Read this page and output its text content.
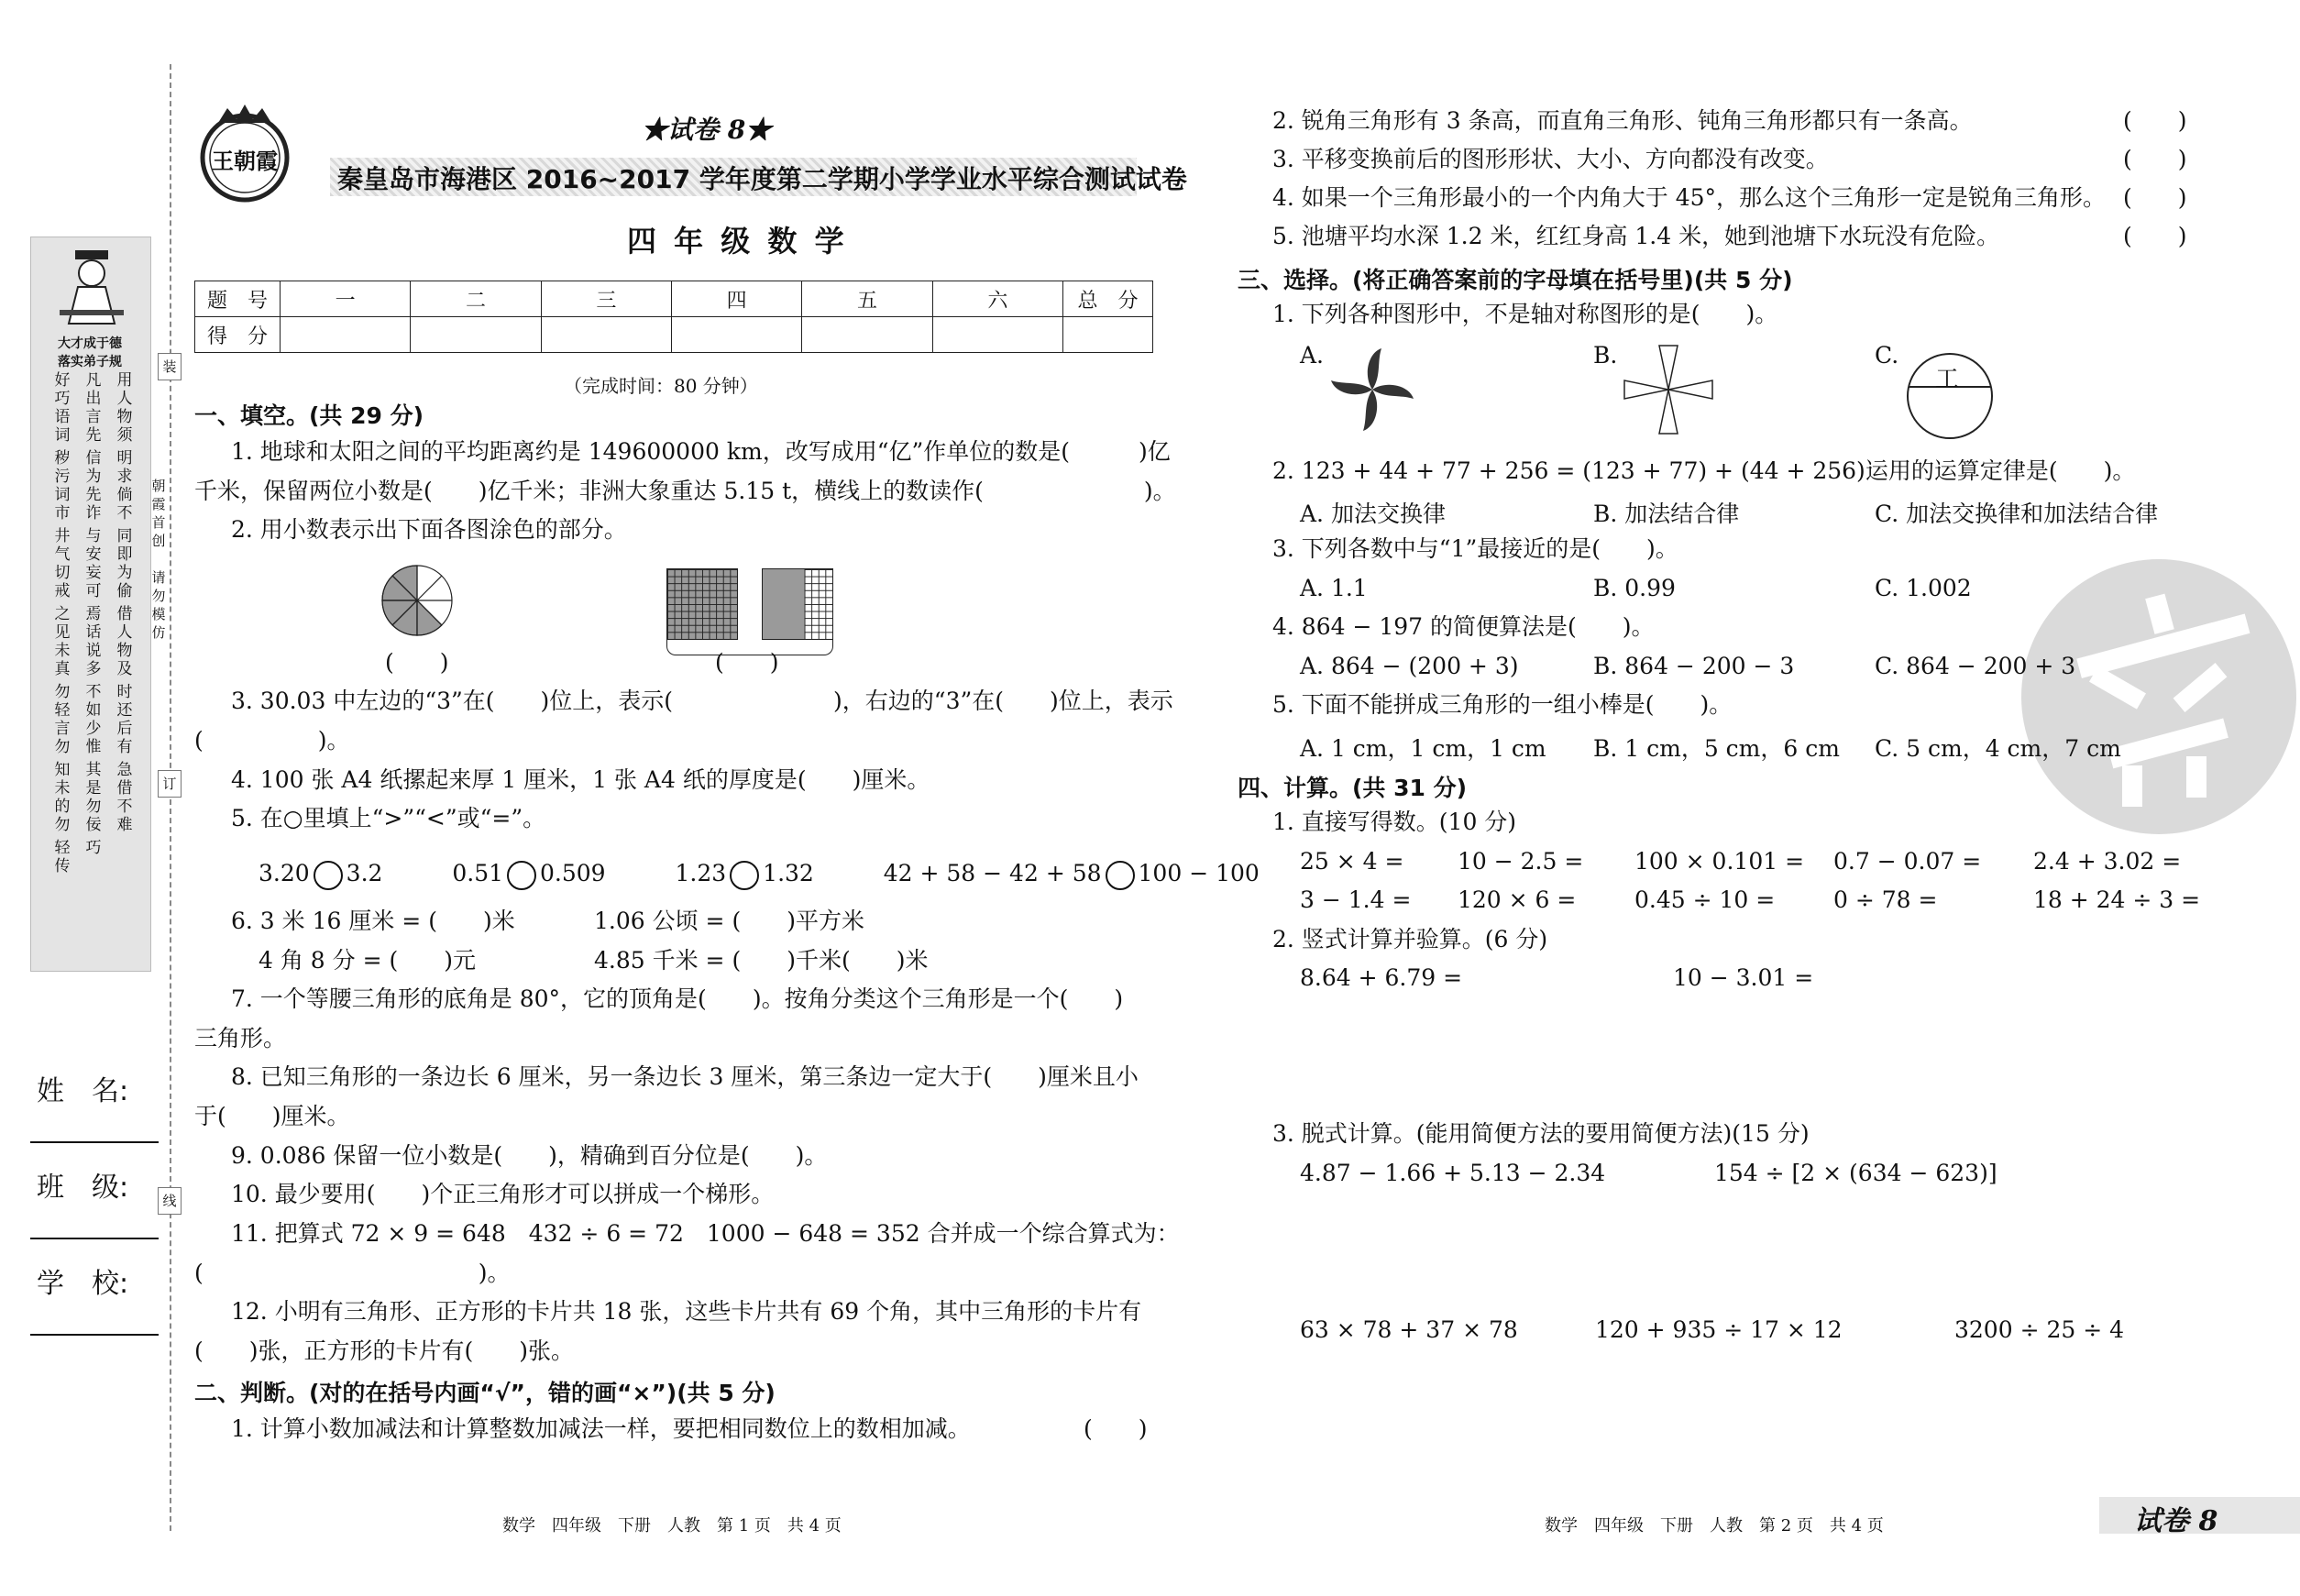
大才成于德
落实弟子规
好巧语词
凡出言先
用人物须
秽污词市
信为先诈
明求倘不
井气切戒
与安妄可
同即为偷
之见未真
焉话说多
借人物及
勿轻言勿
不如少惟
时还后有
知未的勿
其是勿佞
急借不难
轻传
巧
装
订
线
朝霞首创
请勿模仿
姓　名:
班　级:
学　校:
王朝霞
★试卷 8★
秦皇岛市海港区 2016~2017 学年度第二学期小学学业水平综合测试试卷
四 年 级 数 学
题　号	一	二	三	四	五	六	总　分
得　分							
（完成时间：80 分钟）
一、填空。(共 29 分)
1. 地球和太阳之间的平均距离约是 149600000 km，改写成用“亿”作单位的数是(　　　)亿
千米，保留两位小数是(　　)亿千米；非洲大象重达 5.15 t，横线上的数读作(　　　　　　　)。
2. 用小数表示出下面各图涂色的部分。
(　　)	(　　)
3. 30.03 中左边的“3”在(　　)位上，表示(　　　　　　　)，右边的“3”在(　　)位上，表示
(　　　　　)。
4. 100 张 A4 纸摞起来厚 1 厘米，1 张 A4 纸的厚度是(　　)厘米。
5. 在○里填上“>”“<”或“=”。
3.20 3.2	0.51 0.509	1.23 1.32	42 + 58 − 42 + 58 100 − 100
6. 3 米 16 厘米 = (　　)米	1.06 公顷 = (　　)平方米
4 角 8 分 = (　　)元	4.85 千米 = (　　)千米(　　)米
7. 一个等腰三角形的底角是 80°，它的顶角是(　　)。按角分类这个三角形是一个(　　)
三角形。
8. 已知三角形的一条边长 6 厘米，另一条边长 3 厘米，第三条边一定大于(　　)厘米且小
于(　　)厘米。
9. 0.086 保留一位小数是(　　)，精确到百分位是(　　)。
10. 最少要用(　　)个正三角形才可以拼成一个梯形。
11. 把算式 72 × 9 = 648　432 ÷ 6 = 72　1000 − 648 = 352 合并成一个综合算式为：
(　　　　　　　　　　　　)。
12. 小明有三角形、正方形的卡片共 18 张，这些卡片共有 69 个角，其中三角形的卡片有
(　　)张，正方形的卡片有(　　)张。
二、判断。(对的在括号内画“√”，错的画“×”)(共 5 分)
1. 计算小数加减法和计算整数加减法一样，要把相同数位上的数相加减。	(　　)
2. 锐角三角形有 3 条高，而直角三角形、钝角三角形都只有一条高。	(　　)
3. 平移变换前后的图形形状、大小、方向都没有改变。	(　　)
4. 如果一个三角形最小的一个内角大于 45°，那么这个三角形一定是锐角三角形。 (　　)
5. 池塘平均水深 1.2 米，红红身高 1.4 米，她到池塘下水玩没有危险。	(　　)
三、选择。(将正确答案前的字母填在括号里)(共 5 分)
1. 下列各种图形中，不是轴对称图形的是(　　)。
A.	B.	C.
工
2. 123 + 44 + 77 + 256 = (123 + 77) + (44 + 256)运用的运算定律是(　　)。
A. 加法交换律	B. 加法结合律	C. 加法交换律和加法结合律
3. 下列各数中与“1”最接近的是(　　)。
A. 1.1	B. 0.99	C. 1.002
4. 864 − 197 的简便算法是(　　)。
A. 864 − (200 + 3)	B. 864 − 200 − 3	C. 864 − 200 + 3
5. 下面不能拼成三角形的一组小棒是(　　)。
A. 1 cm，1 cm，1 cm B. 1 cm，5 cm，6 cm C. 5 cm，4 cm，7 cm
四、计算。(共 31 分)
1. 直接写得数。(10 分)
25 × 4 = 10 − 2.5 = 100 × 0.101 = 0.7 − 0.07 = 2.4 + 3.02 =
3 − 1.4 = 120 × 6 =	0.45 ÷ 10 =	0 ÷ 78 =	18 + 24 ÷ 3 =
2. 竖式计算并验算。(6 分)
8.64 + 6.79 =	10 − 3.01 =
3. 脱式计算。(能用简便方法的要用简便方法)(15 分)
4.87 − 1.66 + 5.13 − 2.34	154 ÷ [2 × (634 − 623)]
63 × 78 + 37 × 78	120 + 935 ÷ 17 × 12	3200 ÷ 25 ÷ 4
数学　四年级　下册　人教　第 1 页　共 4 页	数学　四年级　下册　人教　第 2 页　共 4 页	试卷 8
